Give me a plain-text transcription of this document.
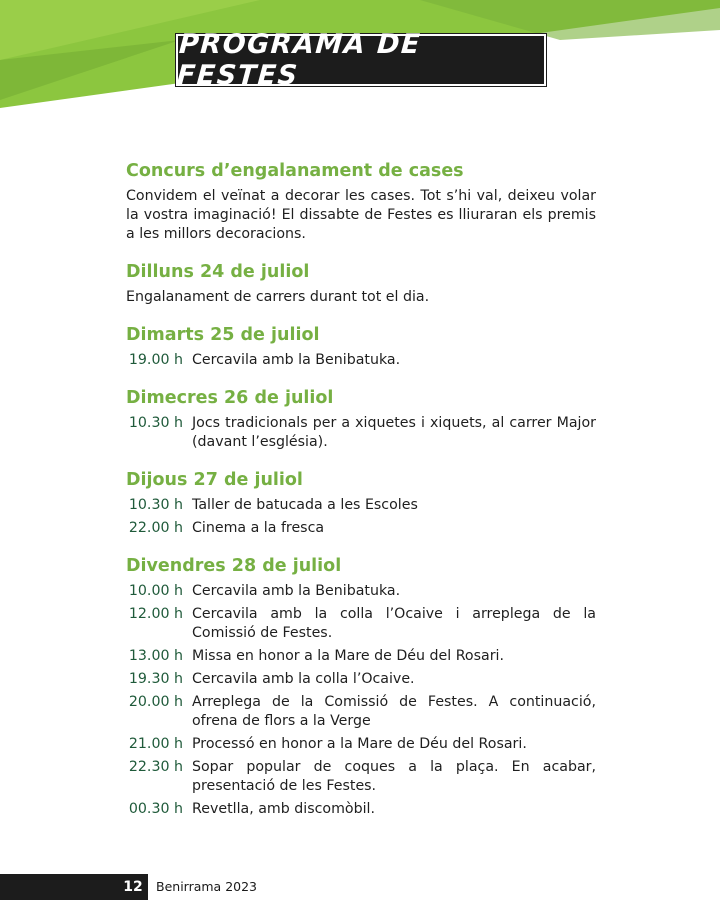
PROGRAMA DE FESTES
Concurs d’engalanament de cases
Convidem el veïnat a decorar les cases. Tot s’hi val, deixeu volar la vostra imaginació! El dissabte de Festes es lliuraran els premis a les millors decoracions.
Dilluns 24 de juliol
Engalanament de carrers durant tot el dia.
Dimarts 25 de juliol
19.00 h Cercavila amb la Benibatuka.
Dimecres 26 de juliol
10.30 h Jocs tradicionals per a xiquetes i xiquets, al carrer Major (davant l’església).
Dijous 27 de juliol
10.30 h Taller de batucada a les Escoles
22.00 h Cinema a la fresca
Divendres 28 de juliol
10.00 h Cercavila amb la Benibatuka.
12.00 h Cercavila amb la colla l’Ocaive i arreplega de la Comissió de Festes.
13.00 h Missa en honor a la Mare de Déu del Rosari.
19.30 h Cercavila amb la colla l’Ocaive.
20.00 h Arreplega de la Comissió de Festes. A continuació, ofrena de flors a la Verge
21.00 h Processó en honor a la Mare de Déu del Rosari.
22.30 h Sopar popular de coques a la plaça. En acabar, presentació de les Festes.
00.30 h Revetlla, amb discomòbil.
12	Benirrama 2023
